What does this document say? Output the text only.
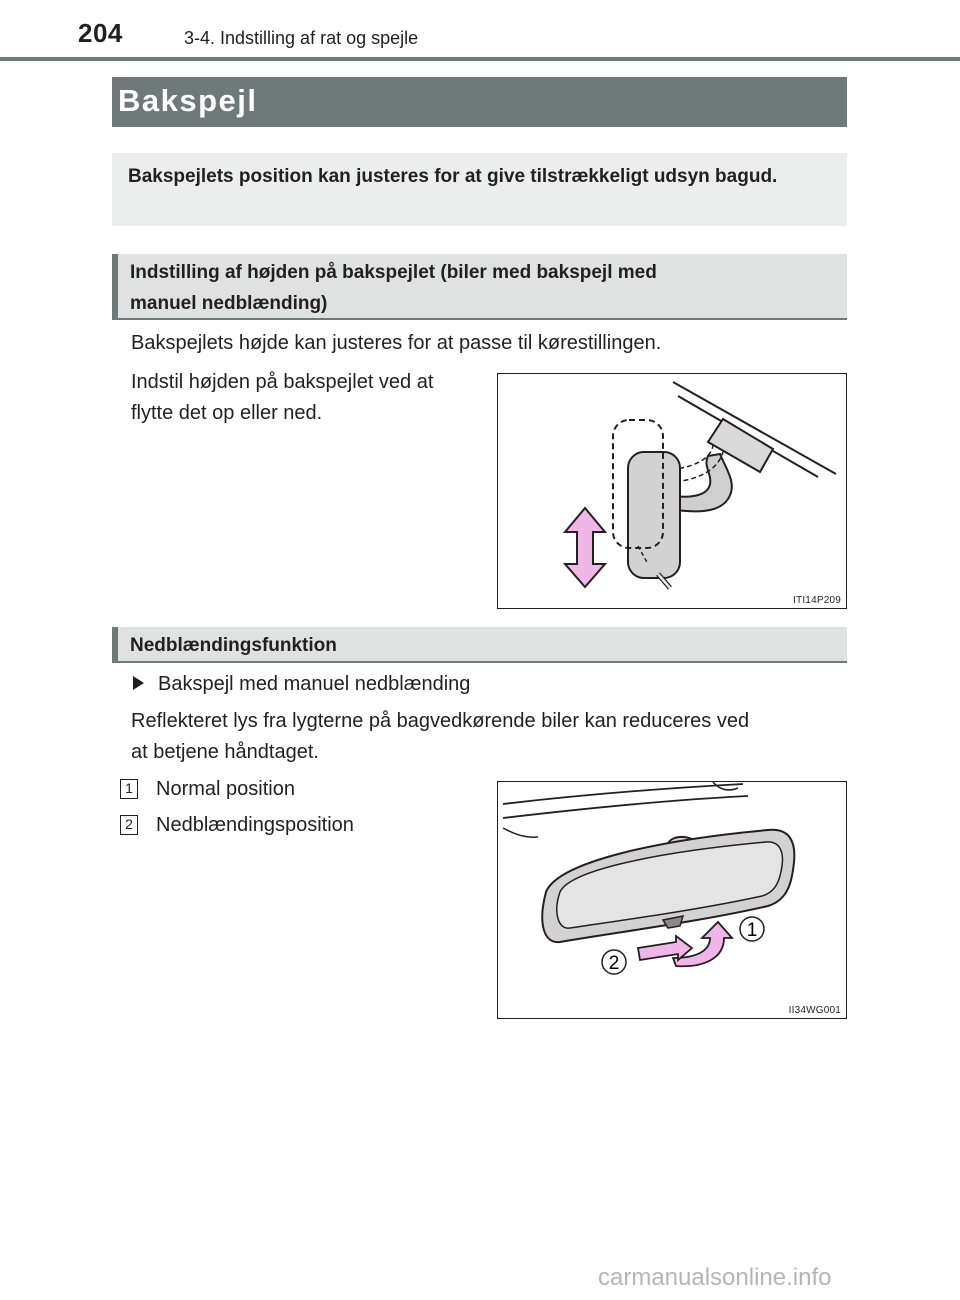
204	3-4. Indstilling af rat og spejle
Bakspejl
Bakspejlets position kan justeres for at give tilstrækkeligt udsyn bagud.
Indstilling af højden på bakspejlet (biler med bakspejl med
manuel nedblænding)

Bakspejlets højde kan justeres for at passe til kørestillingen.

Indstil højden på bakspejlet ved at
flytte det op eller ned.
ITI14P209
Nedblændingsfunktion
Bakspejl med manuel nedblænding
Reflekteret lys fra lygterne på bagvedkørende biler kan reduceres ved
at betjene håndtaget.
1 Normal position
2 Nedblændingsposition
1
2
II34WG001
carmanualsonline.info
